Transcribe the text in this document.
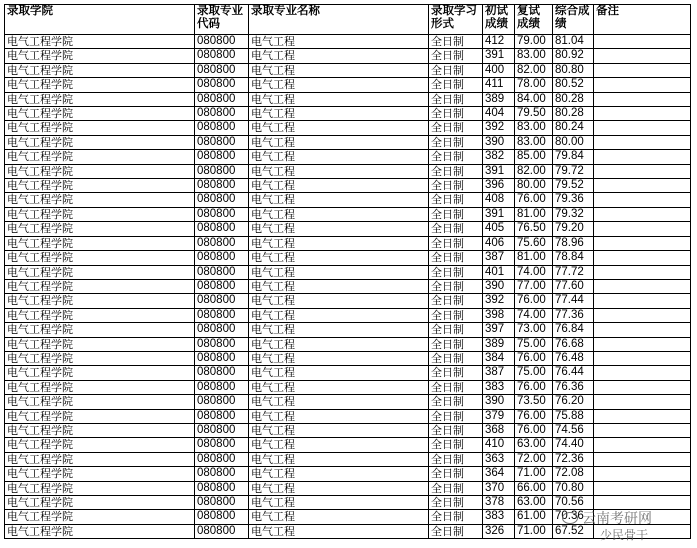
录取学院	录取专业代码	录取专业名称	录取学习形式	初试成绩	复试成绩	综合成绩	备注
电气工程学院	080800	电气工程	全日制	412	79.00	81.04	
电气工程学院	080800	电气工程	全日制	391	83.00	80.92	
电气工程学院	080800	电气工程	全日制	400	82.00	80.80	
电气工程学院	080800	电气工程	全日制	411	78.00	80.52	
电气工程学院	080800	电气工程	全日制	389	84.00	80.28	
电气工程学院	080800	电气工程	全日制	404	79.50	80.28	
电气工程学院	080800	电气工程	全日制	392	83.00	80.24	
电气工程学院	080800	电气工程	全日制	390	83.00	80.00	
电气工程学院	080800	电气工程	全日制	382	85.00	79.84	
电气工程学院	080800	电气工程	全日制	391	82.00	79.72	
电气工程学院	080800	电气工程	全日制	396	80.00	79.52	
电气工程学院	080800	电气工程	全日制	408	76.00	79.36	
电气工程学院	080800	电气工程	全日制	391	81.00	79.32	
电气工程学院	080800	电气工程	全日制	405	76.50	79.20	
电气工程学院	080800	电气工程	全日制	406	75.60	78.96	
电气工程学院	080800	电气工程	全日制	387	81.00	78.84	
电气工程学院	080800	电气工程	全日制	401	74.00	77.72	
电气工程学院	080800	电气工程	全日制	390	77.00	77.60	
电气工程学院	080800	电气工程	全日制	392	76.00	77.44	
电气工程学院	080800	电气工程	全日制	398	74.00	77.36	
电气工程学院	080800	电气工程	全日制	397	73.00	76.84	
电气工程学院	080800	电气工程	全日制	389	75.00	76.68	
电气工程学院	080800	电气工程	全日制	384	76.00	76.48	
电气工程学院	080800	电气工程	全日制	387	75.00	76.44	
电气工程学院	080800	电气工程	全日制	383	76.00	76.36	
电气工程学院	080800	电气工程	全日制	390	73.50	76.20	
电气工程学院	080800	电气工程	全日制	379	76.00	75.88	
电气工程学院	080800	电气工程	全日制	368	76.00	74.56	
电气工程学院	080800	电气工程	全日制	410	63.00	74.40	
电气工程学院	080800	电气工程	全日制	363	72.00	72.36	
电气工程学院	080800	电气工程	全日制	364	71.00	72.08	
电气工程学院	080800	电气工程	全日制	370	66.00	70.80	
电气工程学院	080800	电气工程	全日制	378	63.00	70.56	
电气工程学院	080800	电气工程	全日制	383	61.00	70.36	
电气工程学院	080800	电气工程	全日制	326	71.00	67.52	
云南考研网
少民骨干
